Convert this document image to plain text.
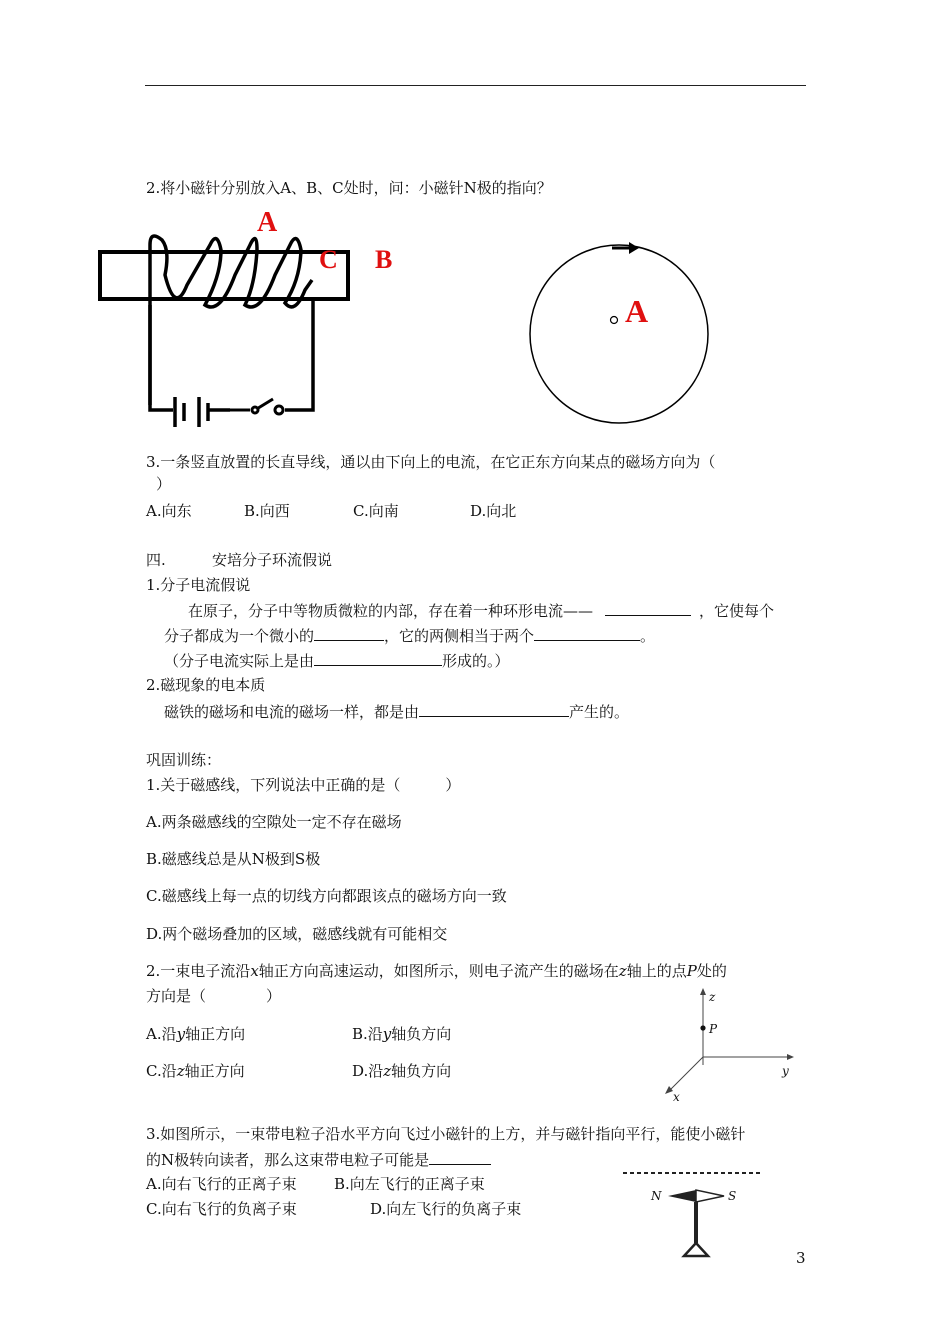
2.将小磁针分别放入A、B、C处时，问：小磁针N极的指向？
A
C B
A
3.一条竖直放置的长直导线，通以由下向上的电流，在它正东方向某点的磁场方向为（
）
A.向东	B.向西	C.向南	D.向北
四.	安培分子环流假说
1.分子电流假说
在原子，分子中等物质微粒的内部，存在着一种环形电流——	，它使每个
分子都成为一个微小的	，它的两侧相当于两个	。
（分子电流实际上是由	形成的。）
2.磁现象的电本质
磁铁的磁场和电流的磁场一样，都是由	产生的。
巩固训练：
1.关于磁感线，下列说法中正确的是（　　　）
A.两条磁感线的空隙处一定不存在磁场
B.磁感线总是从N极到S极
C.磁感线上每一点的切线方向都跟该点的磁场方向一致
D.两个磁场叠加的区域，磁感线就有可能相交
2.一束电子流沿x轴正方向高速运动，如图所示，则电子流产生的磁场在z轴上的点P处的
方向是（　　　　）
A.沿y轴正方向	B.沿y轴负方向
C.沿z轴正方向	D.沿z轴负方向
z
P
y
x
3.如图所示，一束带电粒子沿水平方向飞过小磁针的上方，并与磁针指向平行，能使小磁针
的N极转向读者，那么这束带电粒子可能是
A.向右飞行的正离子束 B.向左飞行的正离子束
C.向右飞行的负离子束	D.向左飞行的负离子束
N	S
3
